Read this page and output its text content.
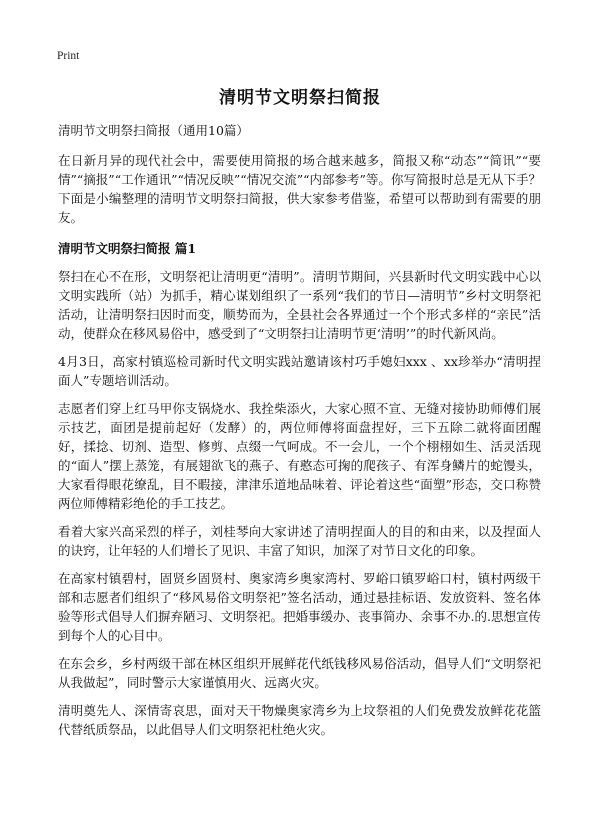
Print
清明节文明祭扫简报

清明节文明祭扫简报（通用10篇）

在日新月异的现代社会中，需要使用简报的场合越来越多，简报又称“动态”“简讯”“要情”“摘报”“工作通讯”“情况反映”“情况交流”“内部参考”等。你写简报时总是无从下手？下面是小编整理的清明节文明祭扫简报，供大家参考借鉴，希望可以帮助到有需要的朋友。

清明节文明祭扫简报 篇1

祭扫在心不在形，文明祭祀让清明更“清明”。清明节期间，兴县新时代文明实践中心以文明实践所（站）为抓手，精心谋划组织了一系列“我们的节日—清明节”乡村文明祭祀活动，让清明祭扫因时而变，顺势而为，全县社会各界通过一个个形式多样的“亲民”活动，使群众在移风易俗中，感受到了“文明祭扫让清明节更‘清明’”的时代新风尚。

4月3日，高家村镇巡检司新时代文明实践站邀请该村巧手媳妇xxx 、xx珍举办“清明捏面人”专题培训活动。

志愿者们穿上红马甲你支锅烧水、我拴柴添火，大家心照不宣、无缝对接协助师傅们展示技艺，面团是提前起好（发酵）的，两位师傅将面盘捏好，三下五除二就将面团醒好，揉捻、切剂、造型、修剪、点缀一气呵成。不一会儿，一个个栩栩如生、活灵活现的“面人”摆上蒸笼，有展翅欲飞的燕子、有憨态可掬的爬孩子、有浑身鳞片的蛇馒头，大家看得眼花缭乱，目不暇接，津津乐道地品味着、评论着这些“面塑”形态，交口称赞两位师傅精彩绝伦的手工技艺。

看着大家兴高采烈的样子，刘桂琴向大家讲述了清明捏面人的目的和由来，以及捏面人的诀窍，让年轻的人们增长了见识、丰富了知识，加深了对节日文化的印象。

在高家村镇碧村，固贤乡固贤村、奥家湾乡奥家湾村、罗峪口镇罗峪口村，镇村两级干部和志愿者们组织了“移风易俗文明祭祀”签名活动，通过悬挂标语、发放资料、签名体验等形式倡导人们摒弃陋习、文明祭祀。把婚事缓办、丧事简办、余事不办.的.思想宣传到每个人的心目中。

在东会乡，乡村两级干部在林区组织开展鲜花代纸钱移风易俗活动，倡导人们“文明祭祀从我做起”，同时警示大家谨慎用火、远离火灾。

清明奠先人、深情寄哀思，面对天干物燥奥家湾乡为上坟祭祖的人们免费发放鲜花花篮代替纸质祭品，以此倡导人们文明祭祀杜绝火灾。
